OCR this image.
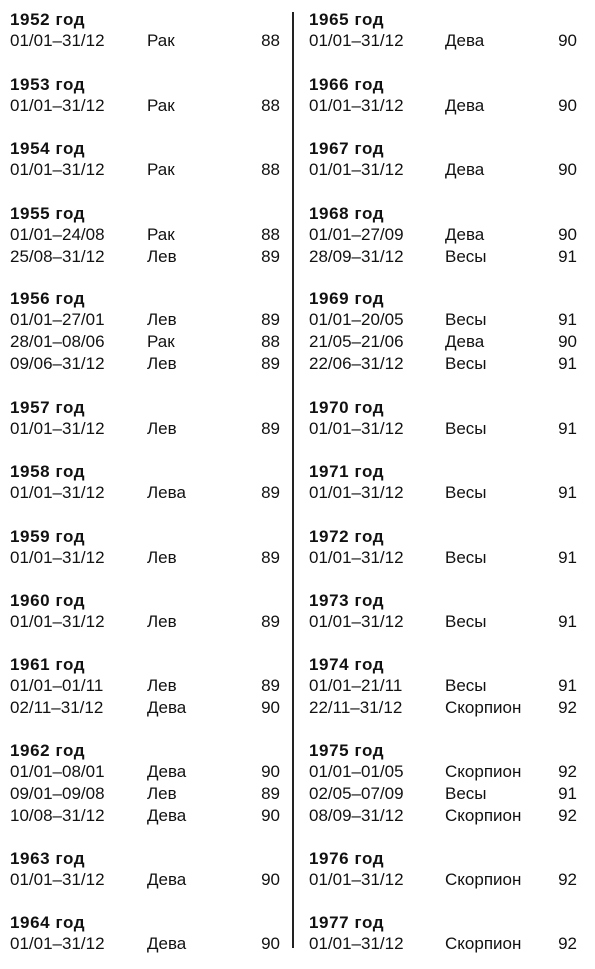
1952 год
01/01–31/12 Рак	88
1953 год
01/01–31/12 Рак	88
1954 год
01/01–31/12 Рак	88
1955 год
01/01–24/08 Рак	88
25/08–31/12 Лев	89
1956 год
01/01–27/01 Лев	89
28/01–08/06 Рак	88
09/06–31/12 Лев	89
1957 год
01/01–31/12 Лев	89
1958 год
01/01–31/12 Лева	89
1959 год
01/01–31/12 Лев	89
1960 год
01/01–31/12 Лев	89
1961 год
01/01–01/11	Лев	89
02/11–31/12	Дева	90
1962 год
01/01–08/01 Дева	90
09/01–09/08 Лев	89
10/08–31/12 Дева	90
1963 год
01/01–31/12 Дева	90
1964 год
01/01–31/12 Дева	90
1965 год
01/01–31/12 Дева	90
1966 год
01/01–31/12 Дева	90
1967 год
01/01–31/12 Дева	90
1968 год
01/01–27/09 Дева	90
28/09–31/12 Весы	91
1969 год
01/01–20/05 Весы	91
21/05–21/06 Дева	90
22/06–31/12 Весы	91
1970 год
01/01–31/12 Весы	91
1971 год
01/01–31/12 Весы	91
1972 год
01/01–31/12 Весы	91
1973 год
01/01–31/12 Весы	91
1974 год
01/01–21/11	Весы	91
22/11–31/12	Скорпион 92
1975 год
01/01–01/05 Скорпион 92
02/05–07/09 Весы	91
08/09–31/12 Скорпион 92
1976 год
01/01–31/12 Скорпион 92
1977 год
01/01–31/12 Скорпион 92
